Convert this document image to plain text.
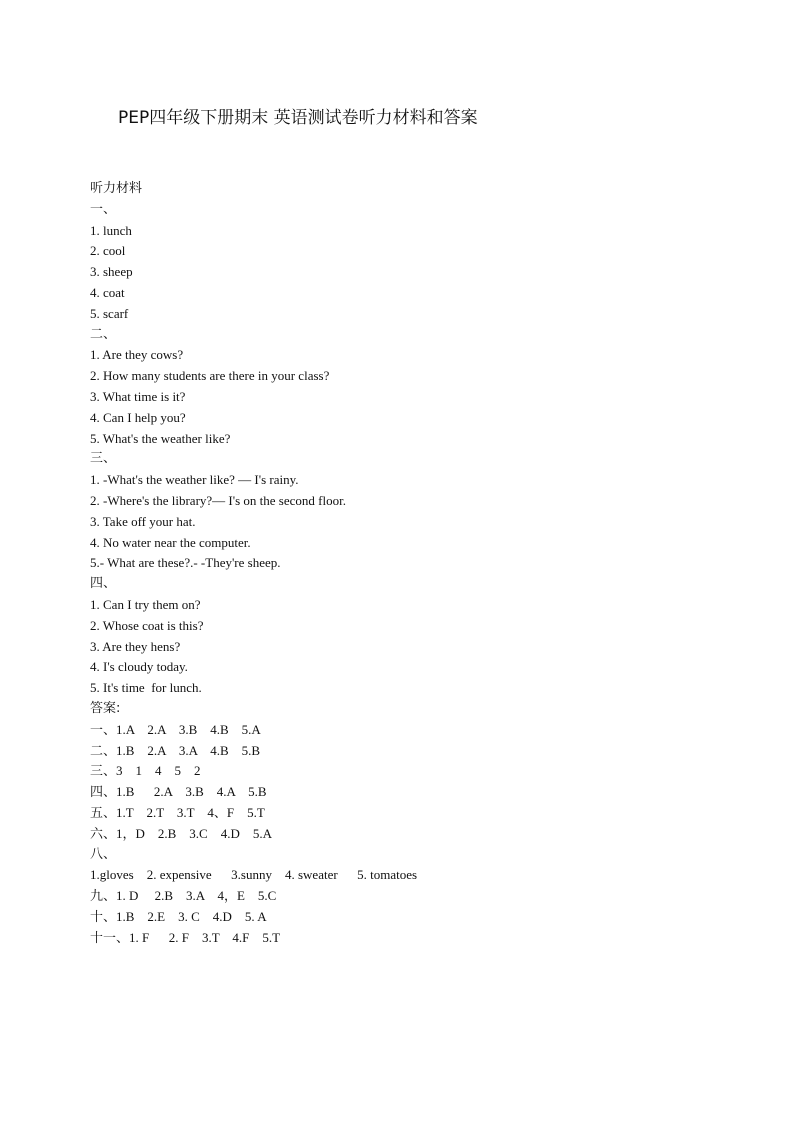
PEP四年级下册期末 英语测试卷听力材料和答案
听力材料
一、
1. lunch
2. cool
3. sheep
4. coat
5. scarf
二、
1. Are they cows?
2. How many students are there in your class?
3. What time is it?
4. Can I help you?
5. What's the weather like?
三、
1. -What's the weather like? — I's rainy.
2. -Where's the library?— I's on the second floor.
3. Take off your hat.
4. No water near the computer.
5.- What are these?.- -They're sheep.
四、
1. Can I try them on?
2. Whose coat is this?
3. Are they hens?
4. I's cloudy today.
5. It's time  for lunch.
答案:
一、1.A    2.A    3.B    4.B    5.A
二、1.B    2.A    3.A    4.B    5.B
三、3    1    4    5    2
四、1.B      2.A    3.B    4.A    5.B
五、1.T    2.T    3.T    4、F    5.T
六、1，D    2.B    3.C    4.D    5.A
八、
1.gloves    2. expensive      3.sunny    4. sweater      5. tomatoes
九、1. D     2.B    3.A    4，E    5.C
十、1.B    2.E    3. C    4.D    5. A
十一、1. F      2. F    3.T    4.F    5.T
